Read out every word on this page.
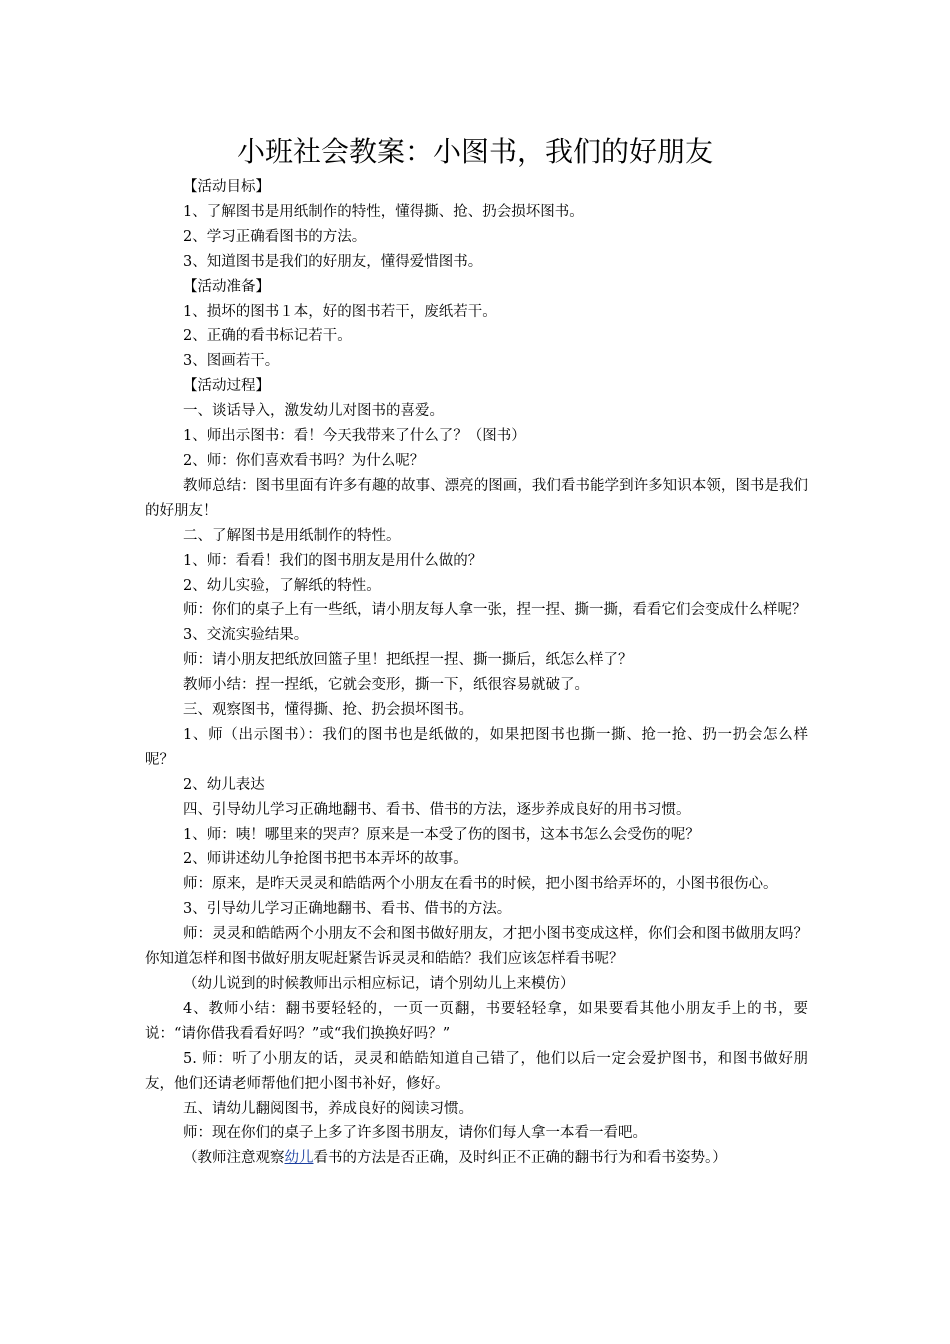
小班社会教案：小图书，我们的好朋友

【活动目标】

1、了解图书是用纸制作的特性，懂得撕、抢、扔会损坏图书。

2、学习正确看图书的方法。

3、知道图书是我们的好朋友，懂得爱惜图书。

【活动准备】

1、损坏的图书１本，好的图书若干，废纸若干。

2、正确的看书标记若干。

3、图画若干。

【活动过程】

一、谈话导入，激发幼儿对图书的喜爱。

1、师出示图书：看！今天我带来了什么了？（图书）

2、师：你们喜欢看书吗？为什么呢？

教师总结：图书里面有许多有趣的故事、漂亮的图画，我们看书能学到许多知识本领，图书是我们的好朋友！

二、了解图书是用纸制作的特性。

1、师：看看！我们的图书朋友是用什么做的？

2、幼儿实验，了解纸的特性。

师：你们的桌子上有一些纸，请小朋友每人拿一张，捏一捏、撕一撕，看看它们会变成什么样呢？

3、交流实验结果。

师：请小朋友把纸放回篮子里！把纸捏一捏、撕一撕后，纸怎么样了？

教师小结：捏一捏纸，它就会变形，撕一下，纸很容易就破了。

三、观察图书，懂得撕、抢、扔会损坏图书。

1、师（出示图书）：我们的图书也是纸做的，如果把图书也撕一撕、抢一抢、扔一扔会怎么样呢？

2、幼儿表达

四、引导幼儿学习正确地翻书、看书、借书的方法，逐步养成良好的用书习惯。

1、师：咦！哪里来的哭声？原来是一本受了伤的图书，这本书怎么会受伤的呢？

2、师讲述幼儿争抢图书把书本弄坏的故事。

师：原来，是昨天灵灵和皓皓两个小朋友在看书的时候，把小图书给弄坏的，小图书很伤心。

3、引导幼儿学习正确地翻书、看书、借书的方法。

师：灵灵和皓皓两个小朋友不会和图书做好朋友，才把小图书变成这样，你们会和图书做朋友吗？你知道怎样和图书做好朋友呢赶紧告诉灵灵和皓皓？我们应该怎样看书呢？

（幼儿说到的时候教师出示相应标记，请个别幼儿上来模仿）

4、教师小结：翻书要轻轻的，一页一页翻，书要轻轻拿，如果要看其他小朋友手上的书，要说：“请你借我看看好吗？”或“我们换换好吗？”

5. 师：听了小朋友的话，灵灵和皓皓知道自己错了，他们以后一定会爱护图书，和图书做好朋友，他们还请老师帮他们把小图书补好，修好。

五、请幼儿翻阅图书，养成良好的阅读习惯。

师：现在你们的桌子上多了许多图书朋友，请你们每人拿一本看一看吧。

（教师注意观察幼儿看书的方法是否正确，及时纠正不正确的翻书行为和看书姿势。）
